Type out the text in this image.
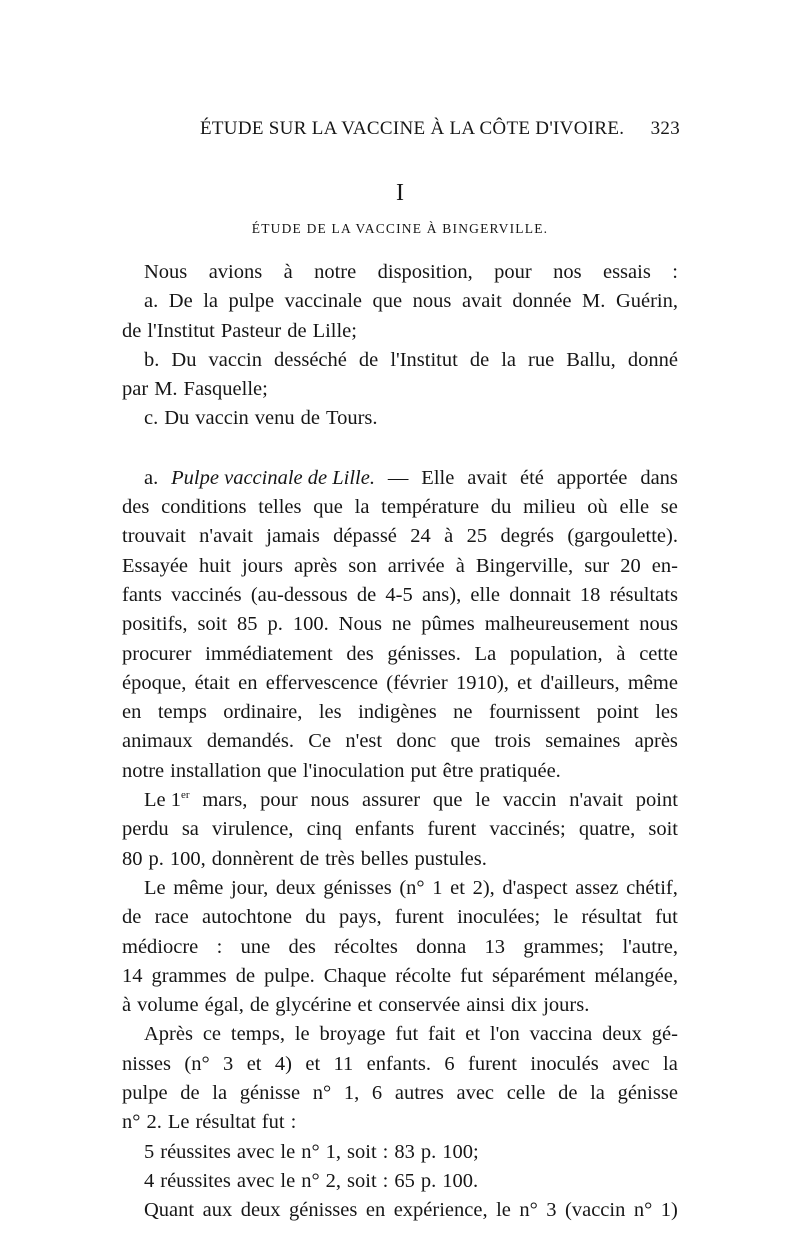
ÉTUDE SUR LA VACCINE À LA CÔTE D'IVOIRE. 323
I
ÉTUDE DE LA VACCINE À BINGERVILLE.
Nous avions à notre disposition, pour nos essais :
a. De la pulpe vaccinale que nous avait donnée M. Guérin,
de l'Institut Pasteur de Lille;
b. Du vaccin desséché de l'Institut de la rue Ballu, donné
par M. Fasquelle;
c. Du vaccin venu de Tours.
a. Pulpe vaccinale de Lille. — Elle avait été apportée dans
des conditions telles que la température du milieu où elle se
trouvait n'avait jamais dépassé 24 à 25 degrés (gargoulette).
Essayée huit jours après son arrivée à Bingerville, sur 20 en-
fants vaccinés (au-dessous de 4-5 ans), elle donnait 18 résultats
positifs, soit 85 p. 100. Nous ne pûmes malheureusement nous
procurer immédiatement des génisses. La population, à cette
époque, était en effervescence (février 1910), et d'ailleurs, même
en temps ordinaire, les indigènes ne fournissent point les
animaux demandés. Ce n'est donc que trois semaines après
notre installation que l'inoculation put être pratiquée.
Le 1er mars, pour nous assurer que le vaccin n'avait point
perdu sa virulence, cinq enfants furent vaccinés; quatre, soit
80 p. 100, donnèrent de très belles pustules.
Le même jour, deux génisses (n° 1 et 2), d'aspect assez chétif,
de race autochtone du pays, furent inoculées; le résultat fut
médiocre : une des récoltes donna 13 grammes; l'autre,
14 grammes de pulpe. Chaque récolte fut séparément mélangée,
à volume égal, de glycérine et conservée ainsi dix jours.
Après ce temps, le broyage fut fait et l'on vaccina deux gé-
nisses (n° 3 et 4) et 11 enfants. 6 furent inoculés avec la
pulpe de la génisse n° 1, 6 autres avec celle de la génisse
n° 2. Le résultat fut :
5 réussites avec le n° 1, soit : 83 p. 100;
4 réussites avec le n° 2, soit : 65 p. 100.
Quant aux deux génisses en expérience, le n° 3 (vaccin n° 1)
